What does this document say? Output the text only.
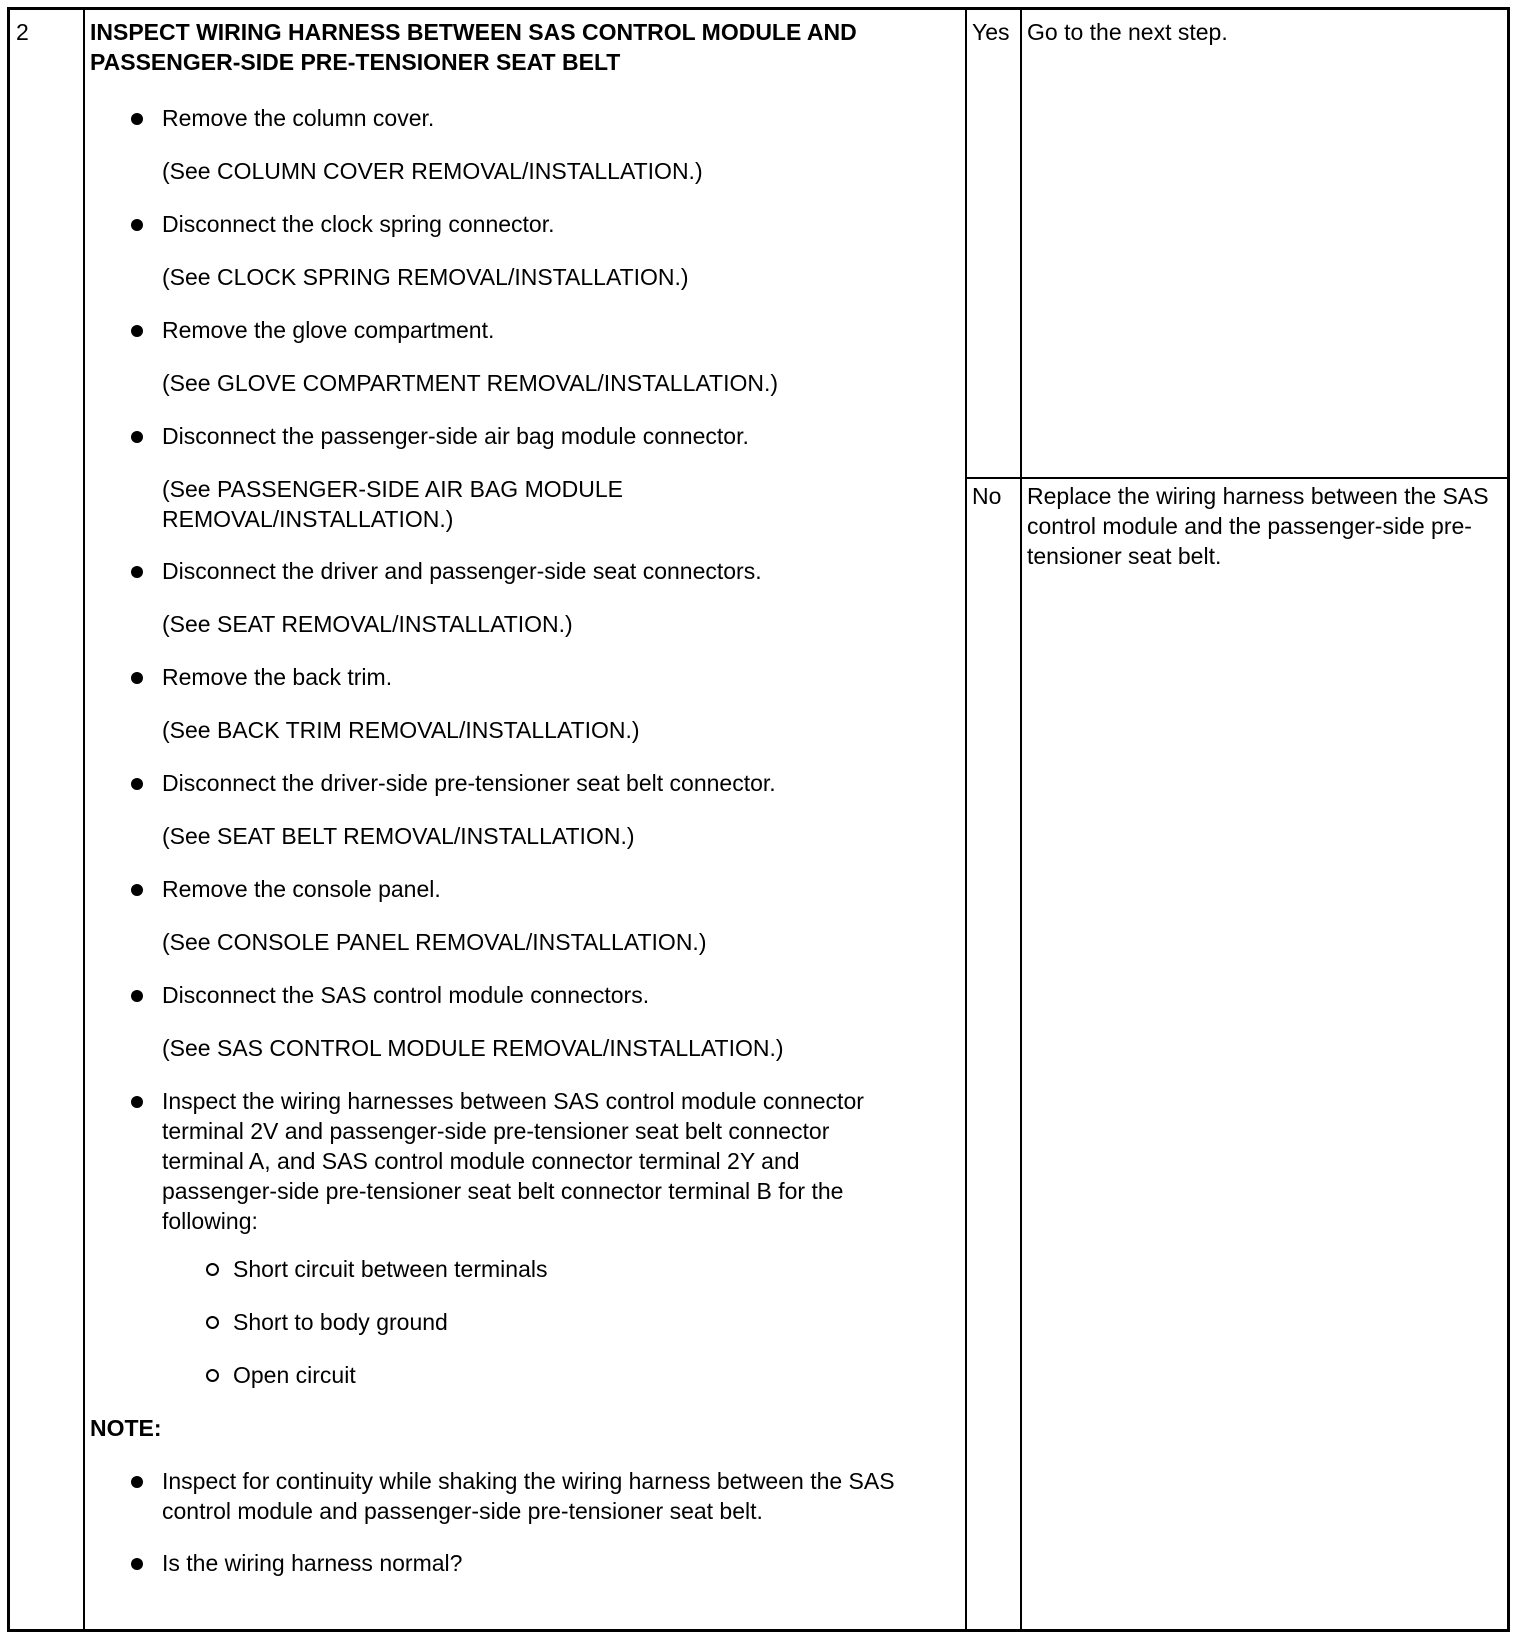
2	INSPECT WIRING HARNESS BETWEEN SAS CONTROL MODULE AND PASSENGER-SIDE PRE-TENSIONER SEAT BELT
Remove the column cover.
(See COLUMN COVER REMOVAL/INSTALLATION.)
Disconnect the clock spring connector.
(See CLOCK SPRING REMOVAL/INSTALLATION.)
Remove the glove compartment.
(See GLOVE COMPARTMENT REMOVAL/INSTALLATION.)
Disconnect the passenger-side air bag module connector.
(See PASSENGER-SIDE AIR BAG MODULE REMOVAL/INSTALLATION.)
Disconnect the driver and passenger-side seat connectors.
(See SEAT REMOVAL/INSTALLATION.)
Remove the back trim.
(See BACK TRIM REMOVAL/INSTALLATION.)
Disconnect the driver-side pre-tensioner seat belt connector.
(See SEAT BELT REMOVAL/INSTALLATION.)
Remove the console panel.
(See CONSOLE PANEL REMOVAL/INSTALLATION.)
Disconnect the SAS control module connectors.
(See SAS CONTROL MODULE REMOVAL/INSTALLATION.)
Inspect the wiring harnesses between SAS control module connector terminal 2V and passenger-side pre-tensioner seat belt connector terminal A, and SAS control module connector terminal 2Y and passenger-side pre-tensioner seat belt connector terminal B for the following:
Short circuit between terminals
Short to body ground
Open circuit
NOTE:
Inspect for continuity while shaking the wiring harness between the SAS control module and passenger-side pre-tensioner seat belt.
Is the wiring harness normal?
Yes Go to the next step.
No Replace the wiring harness between the SAS control module and the passenger-side pre-tensioner seat belt.
